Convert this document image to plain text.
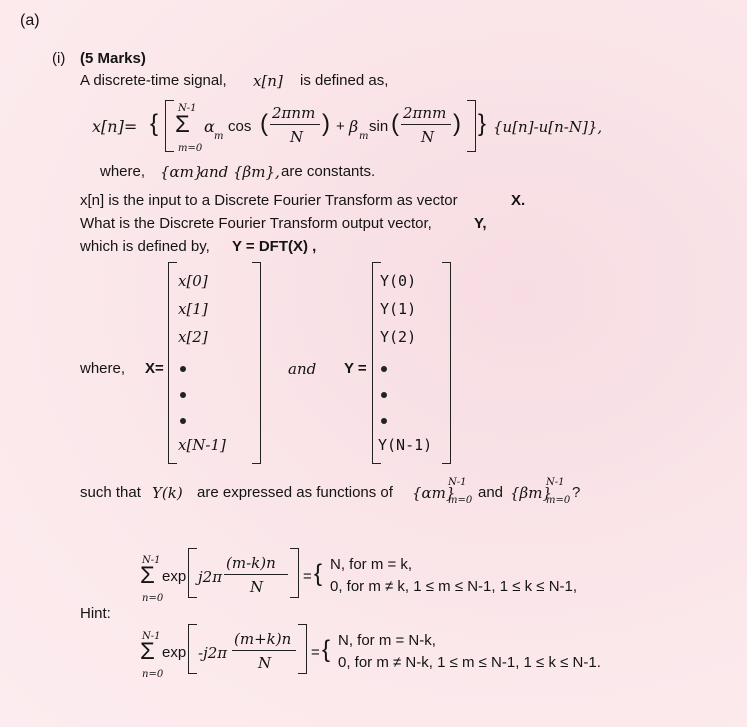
(a)
(i) (5 Marks)
A discrete-time signal, x[n] is defined as,
x[n]= {
N-1
Σ
m=0
α
m
cos ( 2πnm
N ) + β
m
sin ( 2πnm
N ) } {u[n]-u[n-N]},
where, {αm}
and {βm}, are constants.
x[n] is the input to a Discrete Fourier Transform as vector	X.
What is the Discrete Fourier Transform output vector,	Y,
which is defined by, Y = DFT(X) ,
where, X=
x[0]
x[1]
x[2]
x[N-1]
and Y =
Y(0)
Y(1)
Y(2)
Y(N-1)
such that Y(k) are expressed as functions of {αm}
N-1
m=0 and {βm}
N-1
m=0 ?
Hint:
N-1
Σ
n=0
exp j2π
(m-k)n
N
= { N, for m = k,
0, for m ≠ k, 1 ≤ m ≤ N-1, 1 ≤ k ≤ N-1,
N-1
Σ
n=0
exp -j2π
(m+k)n
N
= { N, for m = N-k,
0, for m ≠ N-k, 1 ≤ m ≤ N-1, 1 ≤ k ≤ N-1.
